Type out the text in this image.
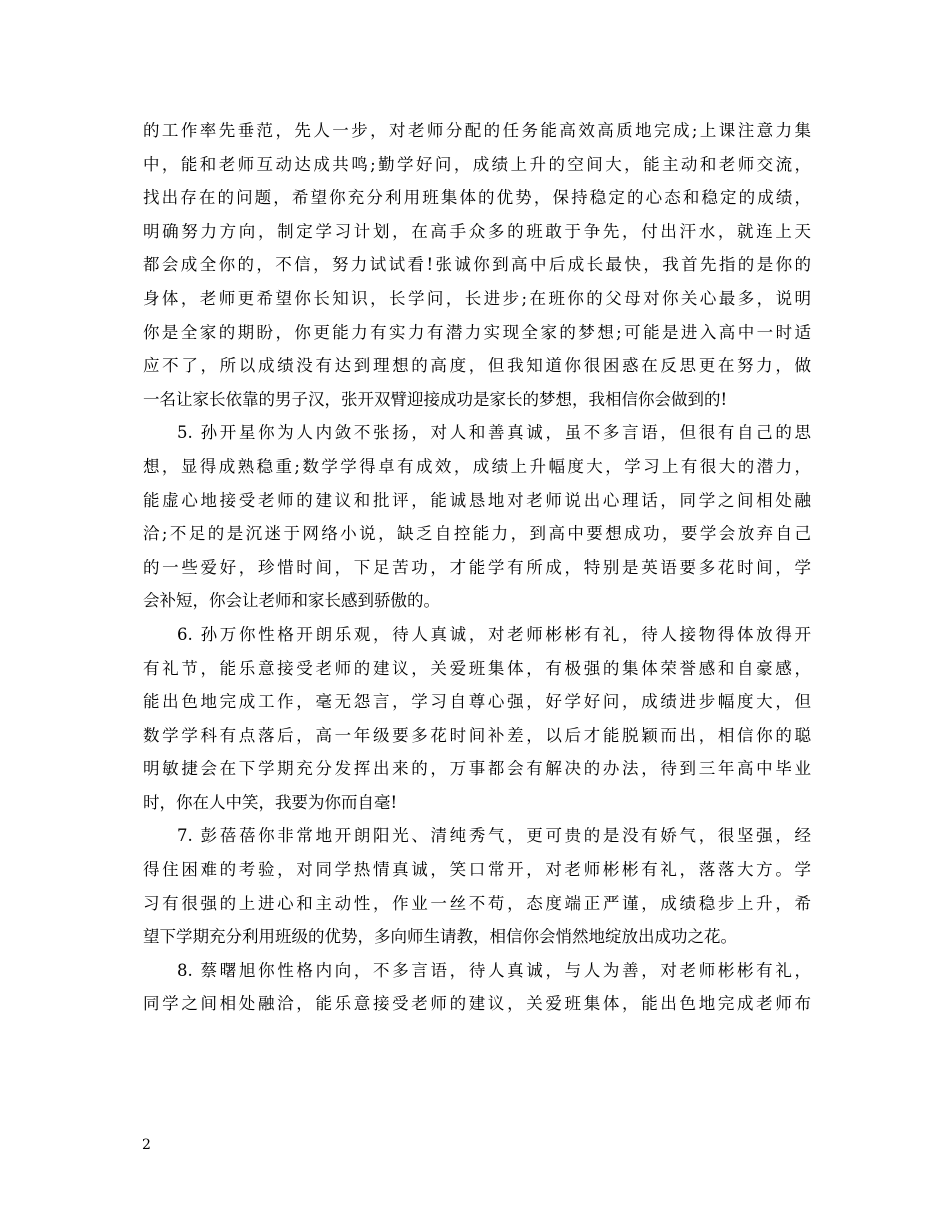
的工作率先垂范，先人一步，对老师分配的任务能高效高质地完成;上课注意力集
中，能和老师互动达成共鸣;勤学好问，成绩上升的空间大，能主动和老师交流，
找出存在的问题，希望你充分利用班集体的优势，保持稳定的心态和稳定的成绩，
明确努力方向，制定学习计划，在高手众多的班敢于争先，付出汗水，就连上天
都会成全你的，不信，努力试试看!张诚你到高中后成长最快，我首先指的是你的
身体，老师更希望你长知识，长学问，长进步;在班你的父母对你关心最多，说明
你是全家的期盼，你更能力有实力有潜力实现全家的梦想;可能是进入高中一时适
应不了，所以成绩没有达到理想的高度，但我知道你很困惑在反思更在努力，做
一名让家长依靠的男子汉，张开双臂迎接成功是家长的梦想，我相信你会做到的!
5. 孙开星你为人内敛不张扬，对人和善真诚，虽不多言语，但很有自己的思
想，显得成熟稳重;数学学得卓有成效，成绩上升幅度大，学习上有很大的潜力，
能虚心地接受老师的建议和批评，能诚恳地对老师说出心理话，同学之间相处融
洽;不足的是沉迷于网络小说，缺乏自控能力，到高中要想成功，要学会放弃自己
的一些爱好，珍惜时间，下足苦功，才能学有所成，特别是英语要多花时间，学
会补短，你会让老师和家长感到骄傲的。
6. 孙万你性格开朗乐观，待人真诚，对老师彬彬有礼，待人接物得体放得开
有礼节，能乐意接受老师的建议，关爱班集体，有极强的集体荣誉感和自豪感，
能出色地完成工作，毫无怨言，学习自尊心强，好学好问，成绩进步幅度大，但
数学学科有点落后，高一年级要多花时间补差，以后才能脱颖而出，相信你的聪
明敏捷会在下学期充分发挥出来的，万事都会有解决的办法，待到三年高中毕业
时，你在人中笑，我要为你而自毫!
7. 彭蓓蓓你非常地开朗阳光、清纯秀气，更可贵的是没有娇气，很坚强，经
得住困难的考验，对同学热情真诚，笑口常开，对老师彬彬有礼，落落大方。学
习有很强的上进心和主动性，作业一丝不苟，态度端正严谨，成绩稳步上升，希
望下学期充分利用班级的优势，多向师生请教，相信你会悄然地绽放出成功之花。
8. 蔡曙旭你性格内向，不多言语，待人真诚，与人为善，对老师彬彬有礼，
同学之间相处融洽，能乐意接受老师的建议，关爱班集体，能出色地完成老师布
2
